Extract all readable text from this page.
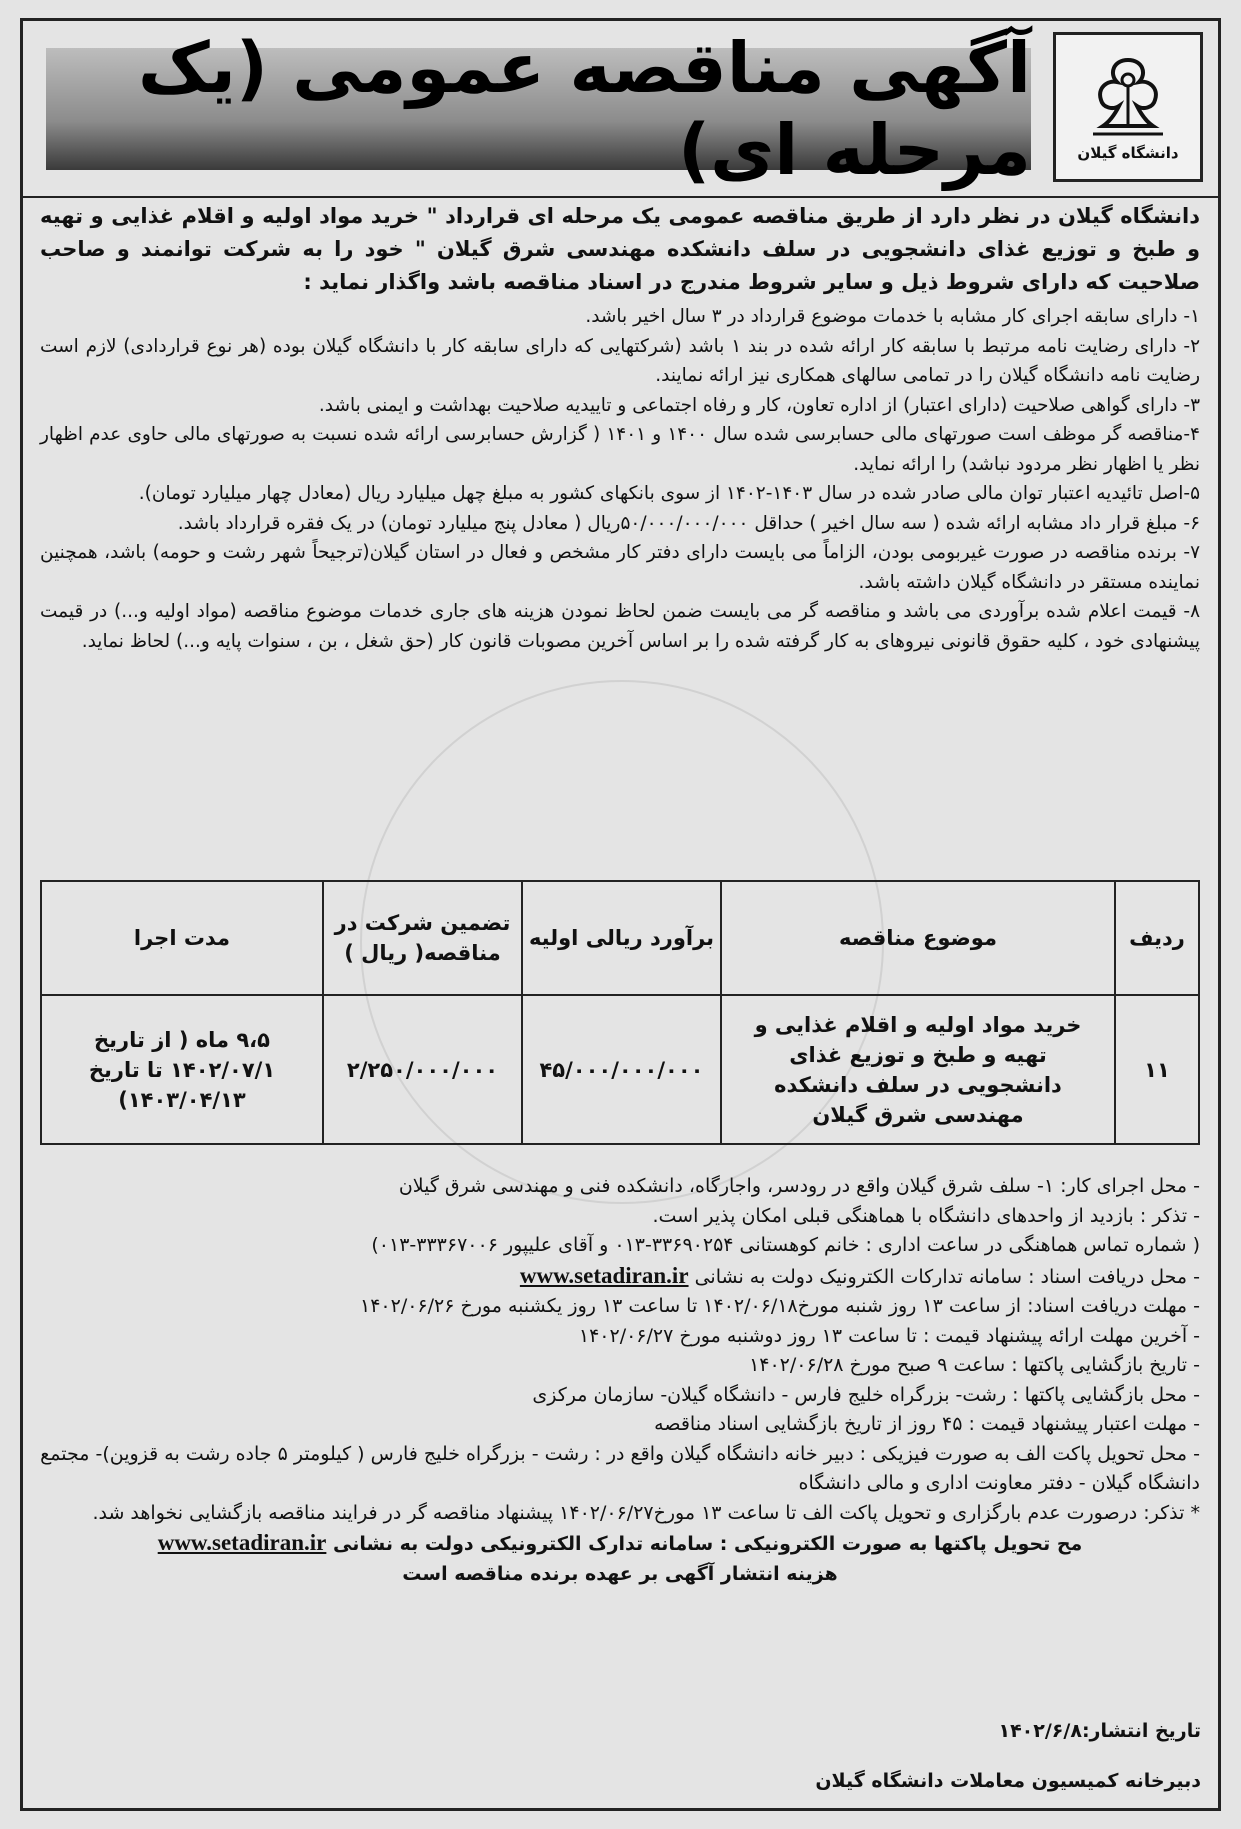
دانشگاه گیلان
آگهی مناقصه عمومی (یک مرحله ای)
دانشگاه گیلان در نظر دارد از طریق مناقصه عمومی یک مرحله ای قرارداد " خرید مواد اولیه و اقلام غذایی و تهیه و طبخ و توزیع غذای دانشجویی در سلف دانشکده مهندسی شرق گیلان " خود را به شرکت توانمند و صاحب صلاحیت که دارای شروط ذیل و سایر شروط مندرج در اسناد مناقصه باشد واگذار نماید :

۱- دارای سابقه اجرای کار مشابه با خدمات موضوع قرارداد در ۳ سال اخیر باشد.

۲- دارای رضایت نامه مرتبط با سابقه کار ارائه شده در بند ۱ باشد (شرکتهایی که دارای سابقه کار با دانشگاه گیلان بوده (هر نوع قراردادی) لازم است رضایت نامه دانشگاه گیلان را در تمامی سالهای همکاری نیز ارائه نمایند.

۳- دارای گواهی صلاحیت (دارای اعتبار) از اداره تعاون، کار و رفاه اجتماعی و تاییدیه صلاحیت بهداشت و ایمنی باشد.

۴-مناقصه گر موظف است صورتهای مالی حسابرسی شده سال ۱۴۰۰ و ۱۴۰۱ ( گزارش حسابرسی ارائه شده نسبت به صورتهای مالی حاوی عدم اظهار نظر یا اظهار نظر مردود نباشد) را ارائه نماید.

۵-اصل تائیدیه اعتبار توان مالی صادر شده در سال ۱۴۰۳-۱۴۰۲ از سوی بانکهای کشور به مبلغ چهل میلیارد ریال (معادل چهار میلیارد تومان).

۶- مبلغ قرار داد مشابه ارائه شده ( سه سال اخیر ) حداقل ۵۰/۰۰۰/۰۰۰/۰۰۰ریال ( معادل پنج میلیارد تومان) در یک فقره قرارداد باشد.

۷- برنده مناقصه در صورت غیربومی بودن، الزاماً می بایست دارای دفتر کار مشخص و فعال در استان گیلان(ترجیحاً شهر رشت و حومه) باشد، همچنین نماینده مستقر در دانشگاه گیلان داشته باشد.

۸- قیمت اعلام شده برآوردی می باشد و مناقصه گر می بایست ضمن لحاظ نمودن هزینه های جاری خدمات موضوع مناقصه (مواد اولیه و...) در قیمت پیشنهادی خود ، کلیه حقوق قانونی نیروهای به کار گرفته شده را بر اساس آخرین مصوبات قانون کار (حق شغل ، بن ، سنوات پایه و...) لحاظ نماید.

ردیف	موضوع مناقصه	برآورد ریالی اولیه	تضمین شرکت در مناقصه( ریال )	مدت اجرا
۱۱	خرید مواد اولیه و اقلام غذایی و تهیه و طبخ و توزیع غذای دانشجویی در سلف دانشکده مهندسی شرق گیلان	۴۵/۰۰۰/۰۰۰/۰۰۰	۲/۲۵۰/۰۰۰/۰۰۰	۹،۵ ماه ( از تاریخ ۱۴۰۲/۰۷/۱ تا تاریخ ۱۴۰۳/۰۴/۱۳)

- محل اجرای کار: ۱- سلف شرق گیلان واقع در رودسر، واجارگاه، دانشکده فنی و مهندسی شرق گیلان

- تذکر : بازدید از واحدهای دانشگاه با هماهنگی قبلی امکان پذیر است.

( شماره تماس هماهنگی در ساعت اداری : خانم کوهستانی ۳۳۶۹۰۲۵۴-۰۱۳ و آقای علیپور ۳۳۳۶۷۰۰۶-۰۱۳)

- محل دریافت اسناد : سامانه تدارکات الکترونیک دولت به نشانی www.setadiran.ir

- مهلت دریافت اسناد: از ساعت ۱۳ روز شنبه مورخ۱۴۰۲/۰۶/۱۸ تا ساعت ۱۳ روز یکشنبه مورخ ۱۴۰۲/۰۶/۲۶

- آخرین مهلت ارائه پیشنهاد قیمت : تا ساعت ۱۳ روز دوشنبه مورخ ۱۴۰۲/۰۶/۲۷

- تاریخ بازگشایی پاکتها : ساعت ۹ صبح مورخ ۱۴۰۲/۰۶/۲۸

- محل بازگشایی پاکتها : رشت- بزرگراه خلیج فارس - دانشگاه گیلان- سازمان مرکزی

- مهلت اعتبار پیشنهاد قیمت : ۴۵ روز از تاریخ بازگشایی اسناد مناقصه

- محل تحویل پاکت الف به صورت فیزیکی : دبیر خانه دانشگاه گیلان واقع در : رشت - بزرگراه خلیج فارس ( کیلومتر ۵ جاده رشت به قزوین)- مجتمع دانشگاه گیلان - دفتر معاونت اداری و مالی دانشگاه

* تذکر: درصورت عدم بارگزاری و تحویل پاکت الف تا ساعت ۱۳ مورخ۱۴۰۲/۰۶/۲۷ پیشنهاد مناقصه گر در فرایند مناقصه بازگشایی نخواهد شد.

مح تحویل پاکتها به صورت الکترونیکی : سامانه تدارک الکترونیکی دولت به نشانی www.setadiran.ir

هزینه انتشار آگهی بر عهده برنده مناقصه است

تاریخ انتشار:۱۴۰۲/۶/۸
دبیرخانه کمیسیون معاملات دانشگاه گیلان
